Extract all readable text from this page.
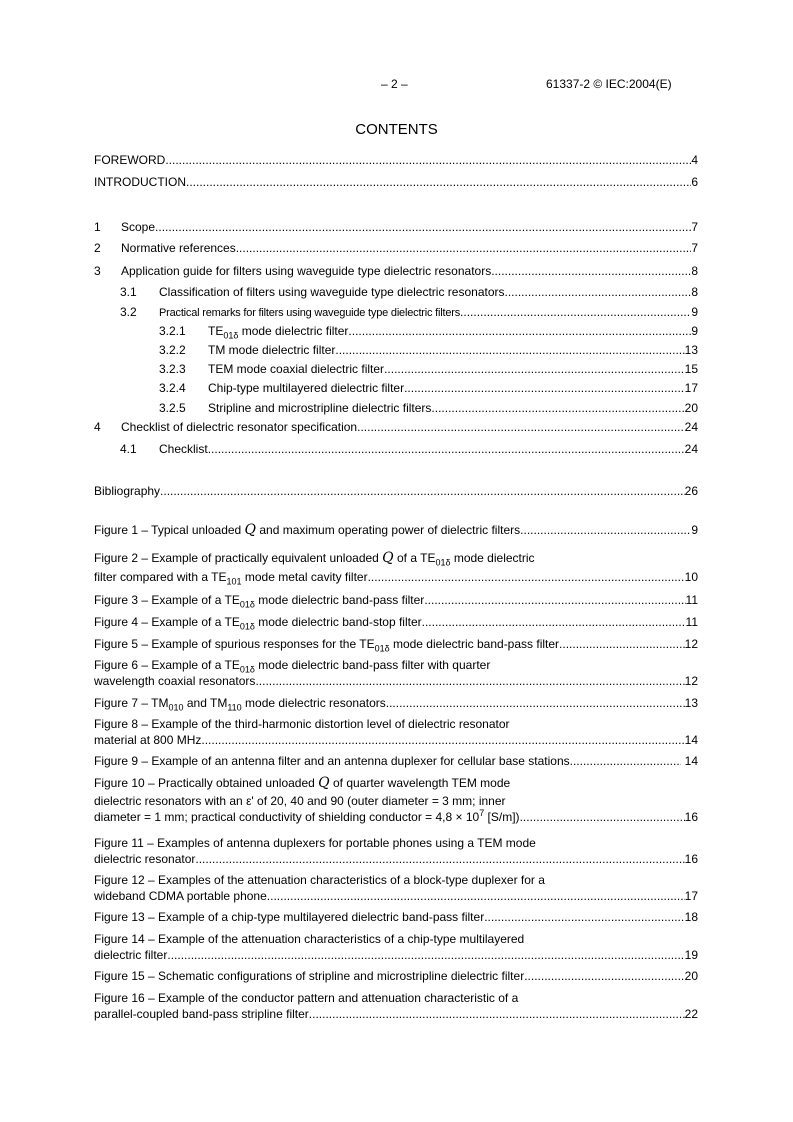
– 2 –	61337-2 © IEC:2004(E)
CONTENTS
FOREWORD .....	4
INTRODUCTION .....	6
1	Scope .....	7
2	Normative references .....	7
3	Application guide for filters using waveguide type dielectric resonators .....	8
3.1	Classification of filters using waveguide type dielectric resonators .....	8
3.2	Practical remarks for filters using waveguide type dielectric filters .....	9
3.2.1	$TE_{01\delta}$ mode dielectric filter .....	9
3.2.2	TM mode dielectric filter .....	13
3.2.3	TEM mode coaxial dielectric filter .....	15
3.2.4	Chip-type multilayered dielectric filter .....	17
3.2.5	Stripline and microstripline dielectric filters .....	20
4	Checklist of dielectric resonator specification .....	24
4.1	Checklist .....	24
Bibliography .....	26
Figure 1 – Typical unloaded Q and maximum operating power of dielectric filters .....	9
Figure 2 – Example of practically equivalent unloaded Q of a $TE_{01\delta}$ mode dielectric
filter compared with a $TE_{101}$ mode metal cavity filter .....	10
Figure 3 – Example of a $TE_{01\delta}$ mode dielectric band-pass filter .....	11
Figure 4 – Example of a $TE_{01\delta}$ mode dielectric band-stop filter .....	11
Figure 5 – Example of spurious responses for the $TE_{01\delta}$ mode dielectric band-pass filter .....	12
Figure 6 – Example of a $TE_{01\delta}$ mode dielectric band-pass filter with quarter
wavelength coaxial resonators .....	12
Figure $7 - TM_{010}$ and $TM_{110}$ mode dielectric resonators .....	13
Figure 8 – Example of the third-harmonic distortion level of dielectric resonator
material at 800 MHz .....	14
Figure 9 – Example of an antenna filter and an antenna duplexer for cellular base stations .....	14
Figure 10 – Practically obtained unloaded Q of quarter wavelength TEM mode
dielectric resonators with an ε' of 20, 40 and 90 (outer diameter = 3 mm; inner
diameter = 1 mm; practical conductivity of shielding conductor = $4,8 \times 10^7$ [S/m]) .....	16
Figure 11 – Examples of antenna duplexers for portable phones using a TEM mode
dielectric resonator .....	16
Figure 12 – Examples of the attenuation characteristics of a block-type duplexer for a
wideband CDMA portable phone .....	17
Figure 13 – Example of a chip-type multilayered dielectric band-pass filter .....	18
Figure 14 – Example of the attenuation characteristics of a chip-type multilayered
dielectric filter .....	19
Figure 15 – Schematic configurations of stripline and microstripline dielectric filter .....	20
Figure 16 – Example of the conductor pattern and attenuation characteristic of a
parallel-coupled band-pass stripline filter .....	22
